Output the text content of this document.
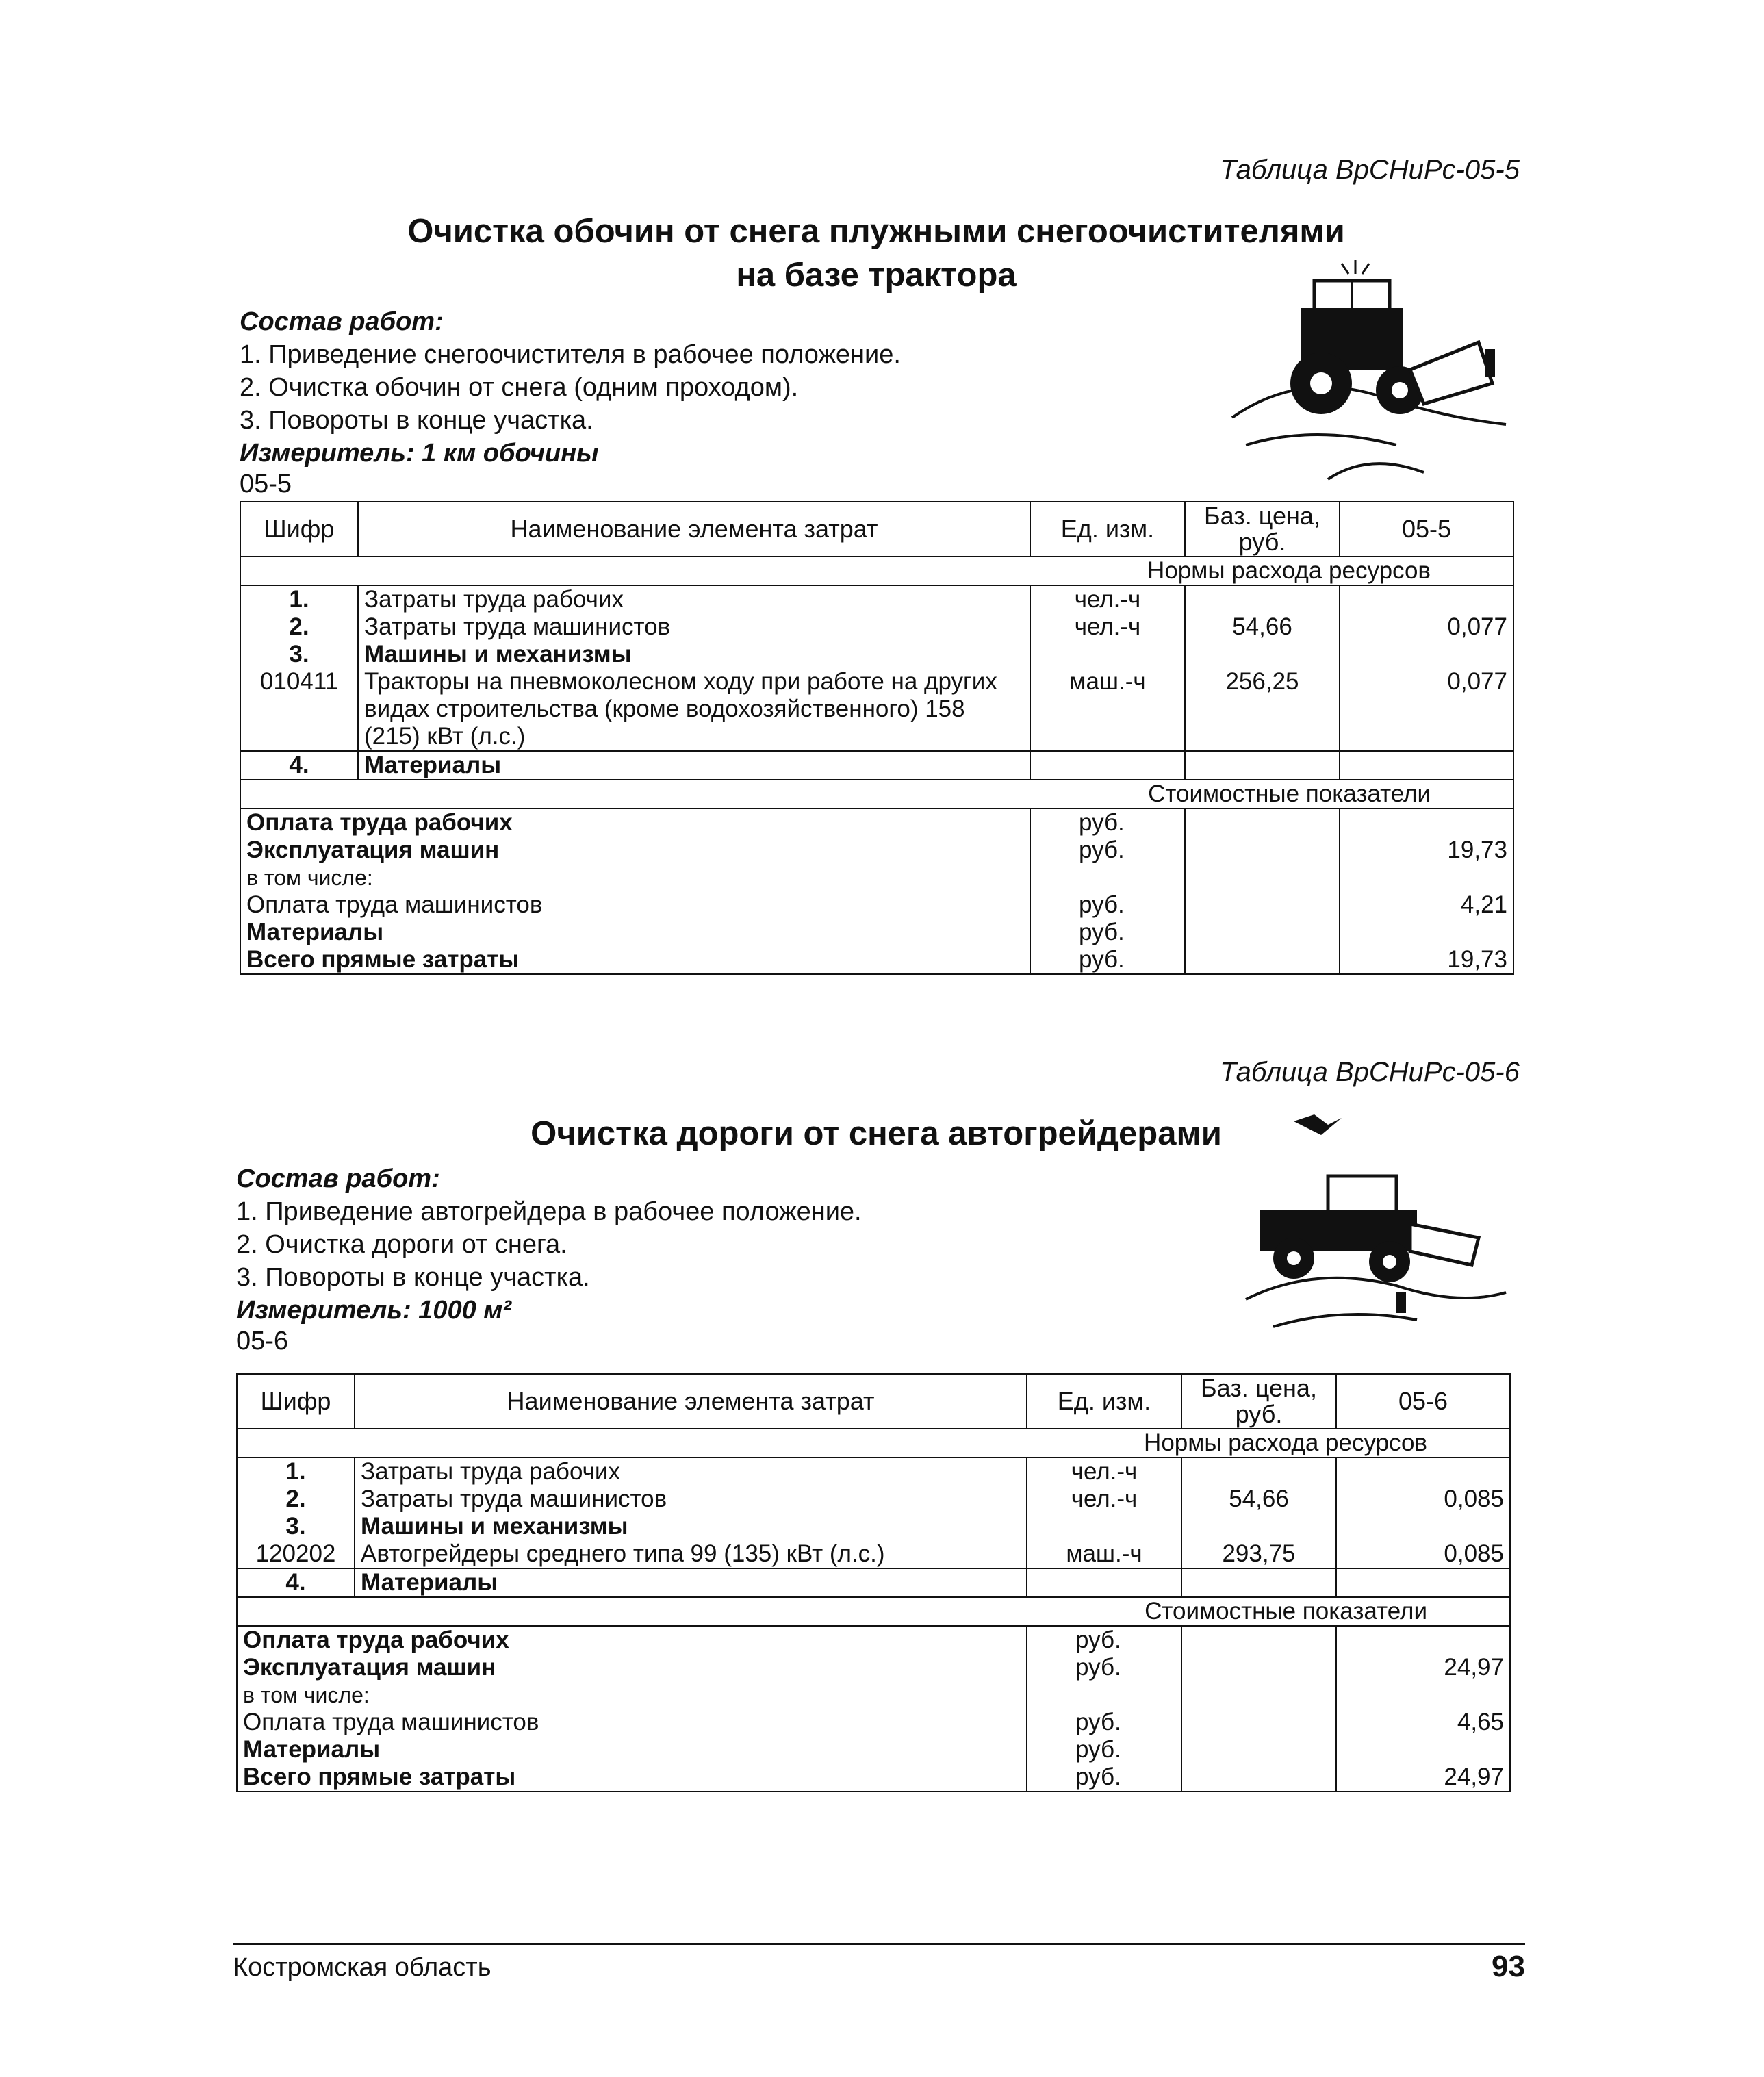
Таблица ВрСНиРс-05-5
Очистка обочин от снега плужными снегоочистителями
на базе трактора
Состав работ:
1. Приведение снегоочистителя в рабочее положение.
2. Очистка обочин от снега (одним проходом).
3. Повороты в конце участка.
Измеритель: 1 км обочины
05-5
Шифр	Наименование элемента затрат	Ед. изм.	Баз. цена, руб.	05-5
Нормы расхода ресурсов				
1.	Затраты труда рабочих	чел.-ч		
2.	Затраты труда машинистов	чел.-ч	54,66	0,077
3.	Машины и механизмы			
010411	Тракторы на пневмоколесном ходу при работе на других видах строительства (кроме водохозяйственного) 158 (215) кВт (л.с.)	маш.-ч	256,25	0,077
4.	Материалы			
Стоимостные показатели				
Оплата труда рабочих		руб.		
Эксплуатация машин		руб.		19,73
в том числе:				
Оплата труда машинистов		руб.		4,21
Материалы		руб.		
Всего прямые затраты		руб.		19,73
Таблица ВрСНиРс-05-6
Очистка дороги от снега автогрейдерами
Состав работ:
1. Приведение автогрейдера в рабочее положение.
2. Очистка дороги от снега.
3. Повороты в конце участка.
Измеритель: 1000 м²
05-6
Шифр	Наименование элемента затрат	Ед. изм.	Баз. цена, руб.	05-6
Нормы расхода ресурсов				
1.	Затраты труда рабочих	чел.-ч		
2.	Затраты труда машинистов	чел.-ч	54,66	0,085
3.	Машины и механизмы			
120202	Автогрейдеры среднего типа 99 (135) кВт (л.с.)	маш.-ч	293,75	0,085
4.	Материалы			
Стоимостные показатели				
Оплата труда рабочих		руб.		
Эксплуатация машин		руб.		24,97
в том числе:				
Оплата труда машинистов		руб.		4,65
Материалы		руб.		
Всего прямые затраты		руб.		24,97
Костромская область	93
